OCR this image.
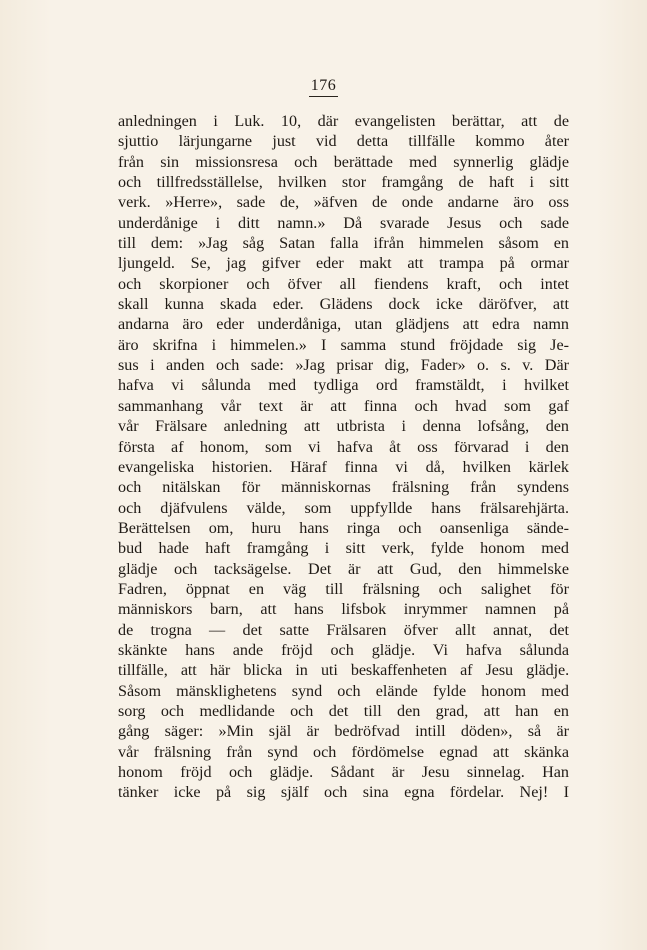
176
anledningen i Luk. 10, där evangelisten berättar, att de
sjuttio lärjungarne just vid detta tillfälle kommo åter
från sin missionsresa och berättade med synnerlig glädje
och tillfredsställelse, hvilken stor framgång de haft i sitt
verk. »Herre», sade de, »äfven de onde andarne äro oss
underdånige i ditt namn.» Då svarade Jesus och sade
till dem: »Jag såg Satan falla ifrån himmelen såsom en
ljungeld. Se, jag gifver eder makt att trampa på ormar
och skorpioner och öfver all fiendens kraft, och intet
skall kunna skada eder. Glädens dock icke däröfver, att
andarna äro eder underdåniga, utan glädjens att edra namn
äro skrifna i himmelen.» I samma stund fröjdade sig Je-
sus i anden och sade: »Jag prisar dig, Fader» o. s. v. Där
hafva vi sålunda med tydliga ord framstäldt, i hvilket
sammanhang vår text är att finna och hvad som gaf
vår Frälsare anledning att utbrista i denna lofsång, den
första af honom, som vi hafva åt oss förvarad i den
evangeliska historien. Häraf finna vi då, hvilken kärlek
och nitälskan för människornas frälsning från syndens
och djäfvulens välde, som uppfyllde hans frälsarehjärta.
Berättelsen om, huru hans ringa och oansenliga sände-
bud hade haft framgång i sitt verk, fylde honom med
glädje och tacksägelse. Det är att Gud, den himmelske
Fadren, öppnat en väg till frälsning och salighet för
människors barn, att hans lifsbok inrymmer namnen på
de trogna — det satte Frälsaren öfver allt annat, det
skänkte hans ande fröjd och glädje. Vi hafva sålunda
tillfälle, att här blicka in uti beskaffenheten af Jesu glädje.
Såsom mänsklighetens synd och elände fylde honom med
sorg och medlidande och det till den grad, att han en
gång säger: »Min själ är bedröfvad intill döden», så är
vår frälsning från synd och fördömelse egnad att skänka
honom fröjd och glädje. Sådant är Jesu sinnelag. Han
tänker icke på sig själf och sina egna fördelar. Nej! I
